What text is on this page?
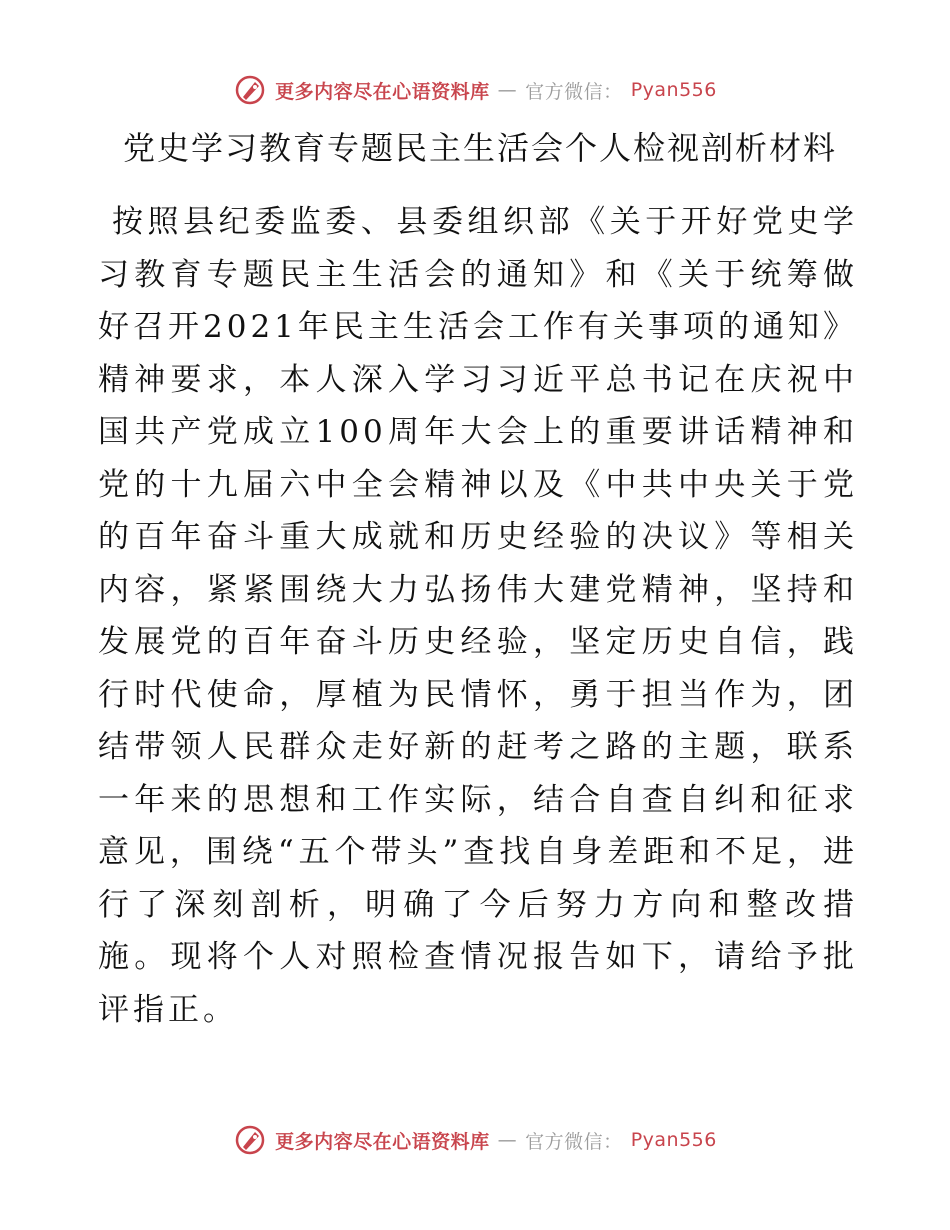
更多内容尽在心语资料库 — 官方微信： Pyan556
党史学习教育专题民主生活会个人检视剖析材料

按照县纪委监委、县委组织部《关于开好党史学习教育专题民主生活会的通知》和《关于统筹做好召开2021年民主生活会工作有关事项的通知》精神要求，本人深入学习习近平总书记在庆祝中国共产党成立100周年大会上的重要讲话精神和党的十九届六中全会精神以及《中共中央关于党的百年奋斗重大成就和历史经验的决议》等相关内容，紧紧围绕大力弘扬伟大建党精神，坚持和发展党的百年奋斗历史经验，坚定历史自信，践行时代使命，厚植为民情怀，勇于担当作为，团结带领人民群众走好新的赶考之路的主题，联系一年来的思想和工作实际，结合自查自纠和征求意见，围绕“五个带头”查找自身差距和不足，进行了深刻剖析，明确了今后努力方向和整改措施。现将个人对照检查情况报告如下，请给予批评指正。

更多内容尽在心语资料库 — 官方微信： Pyan556
